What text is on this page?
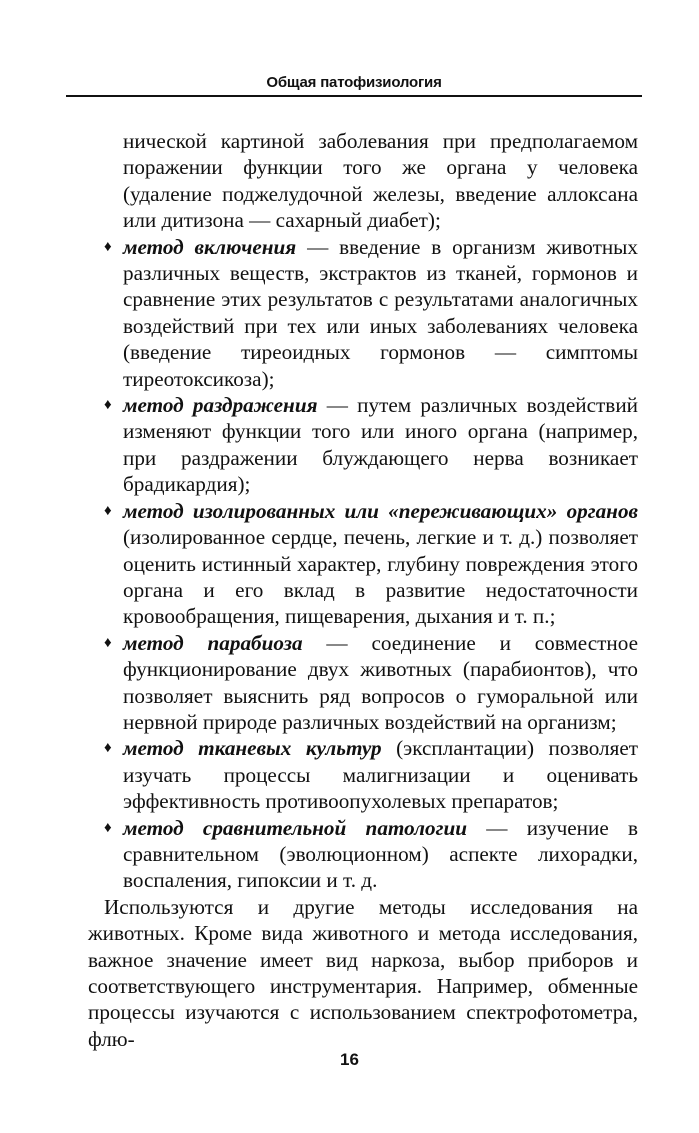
Общая патофизиология

нической картиной заболевания при предполагаемом поражении функции того же органа у человека (удаление поджелудочной железы, введение аллоксана или дитизона — сахарный диабет);

♦ метод включения — введение в организм животных различных веществ, экстрактов из тканей, гормонов и сравнение этих результатов с результатами аналогичных воздействий при тех или иных заболеваниях человека (введение тиреоидных гормонов — симптомы тиреотоксикоза);

♦ метод раздражения — путем различных воздействий изменяют функции того или иного органа (например, при раздражении блуждающего нерва возникает брадикардия);

♦ метод изолированных или «переживающих» органов (изолированное сердце, печень, легкие и т. д.) позволяет оценить истинный характер, глубину повреждения этого органа и его вклад в развитие недостаточности кровообращения, пищеварения, дыхания и т. п.;

♦ метод парабиоза — соединение и совместное функционирование двух животных (парабионтов), что позволяет выяснить ряд вопросов о гуморальной или нервной природе различных воздействий на организм;

♦ метод тканевых культур (эксплантации) позволяет изучать процессы малигнизации и оценивать эффективность противоопухолевых препаратов;

♦ метод сравнительной патологии — изучение в сравнительном (эволюционном) аспекте лихорадки, воспаления, гипоксии и т. д.

Используются и другие методы исследования на животных. Кроме вида животного и метода исследования, важное значение имеет вид наркоза, выбор приборов и соответствующего инструментария. Например, обменные процессы изучаются с использованием спектрофотометра, флю-

16
